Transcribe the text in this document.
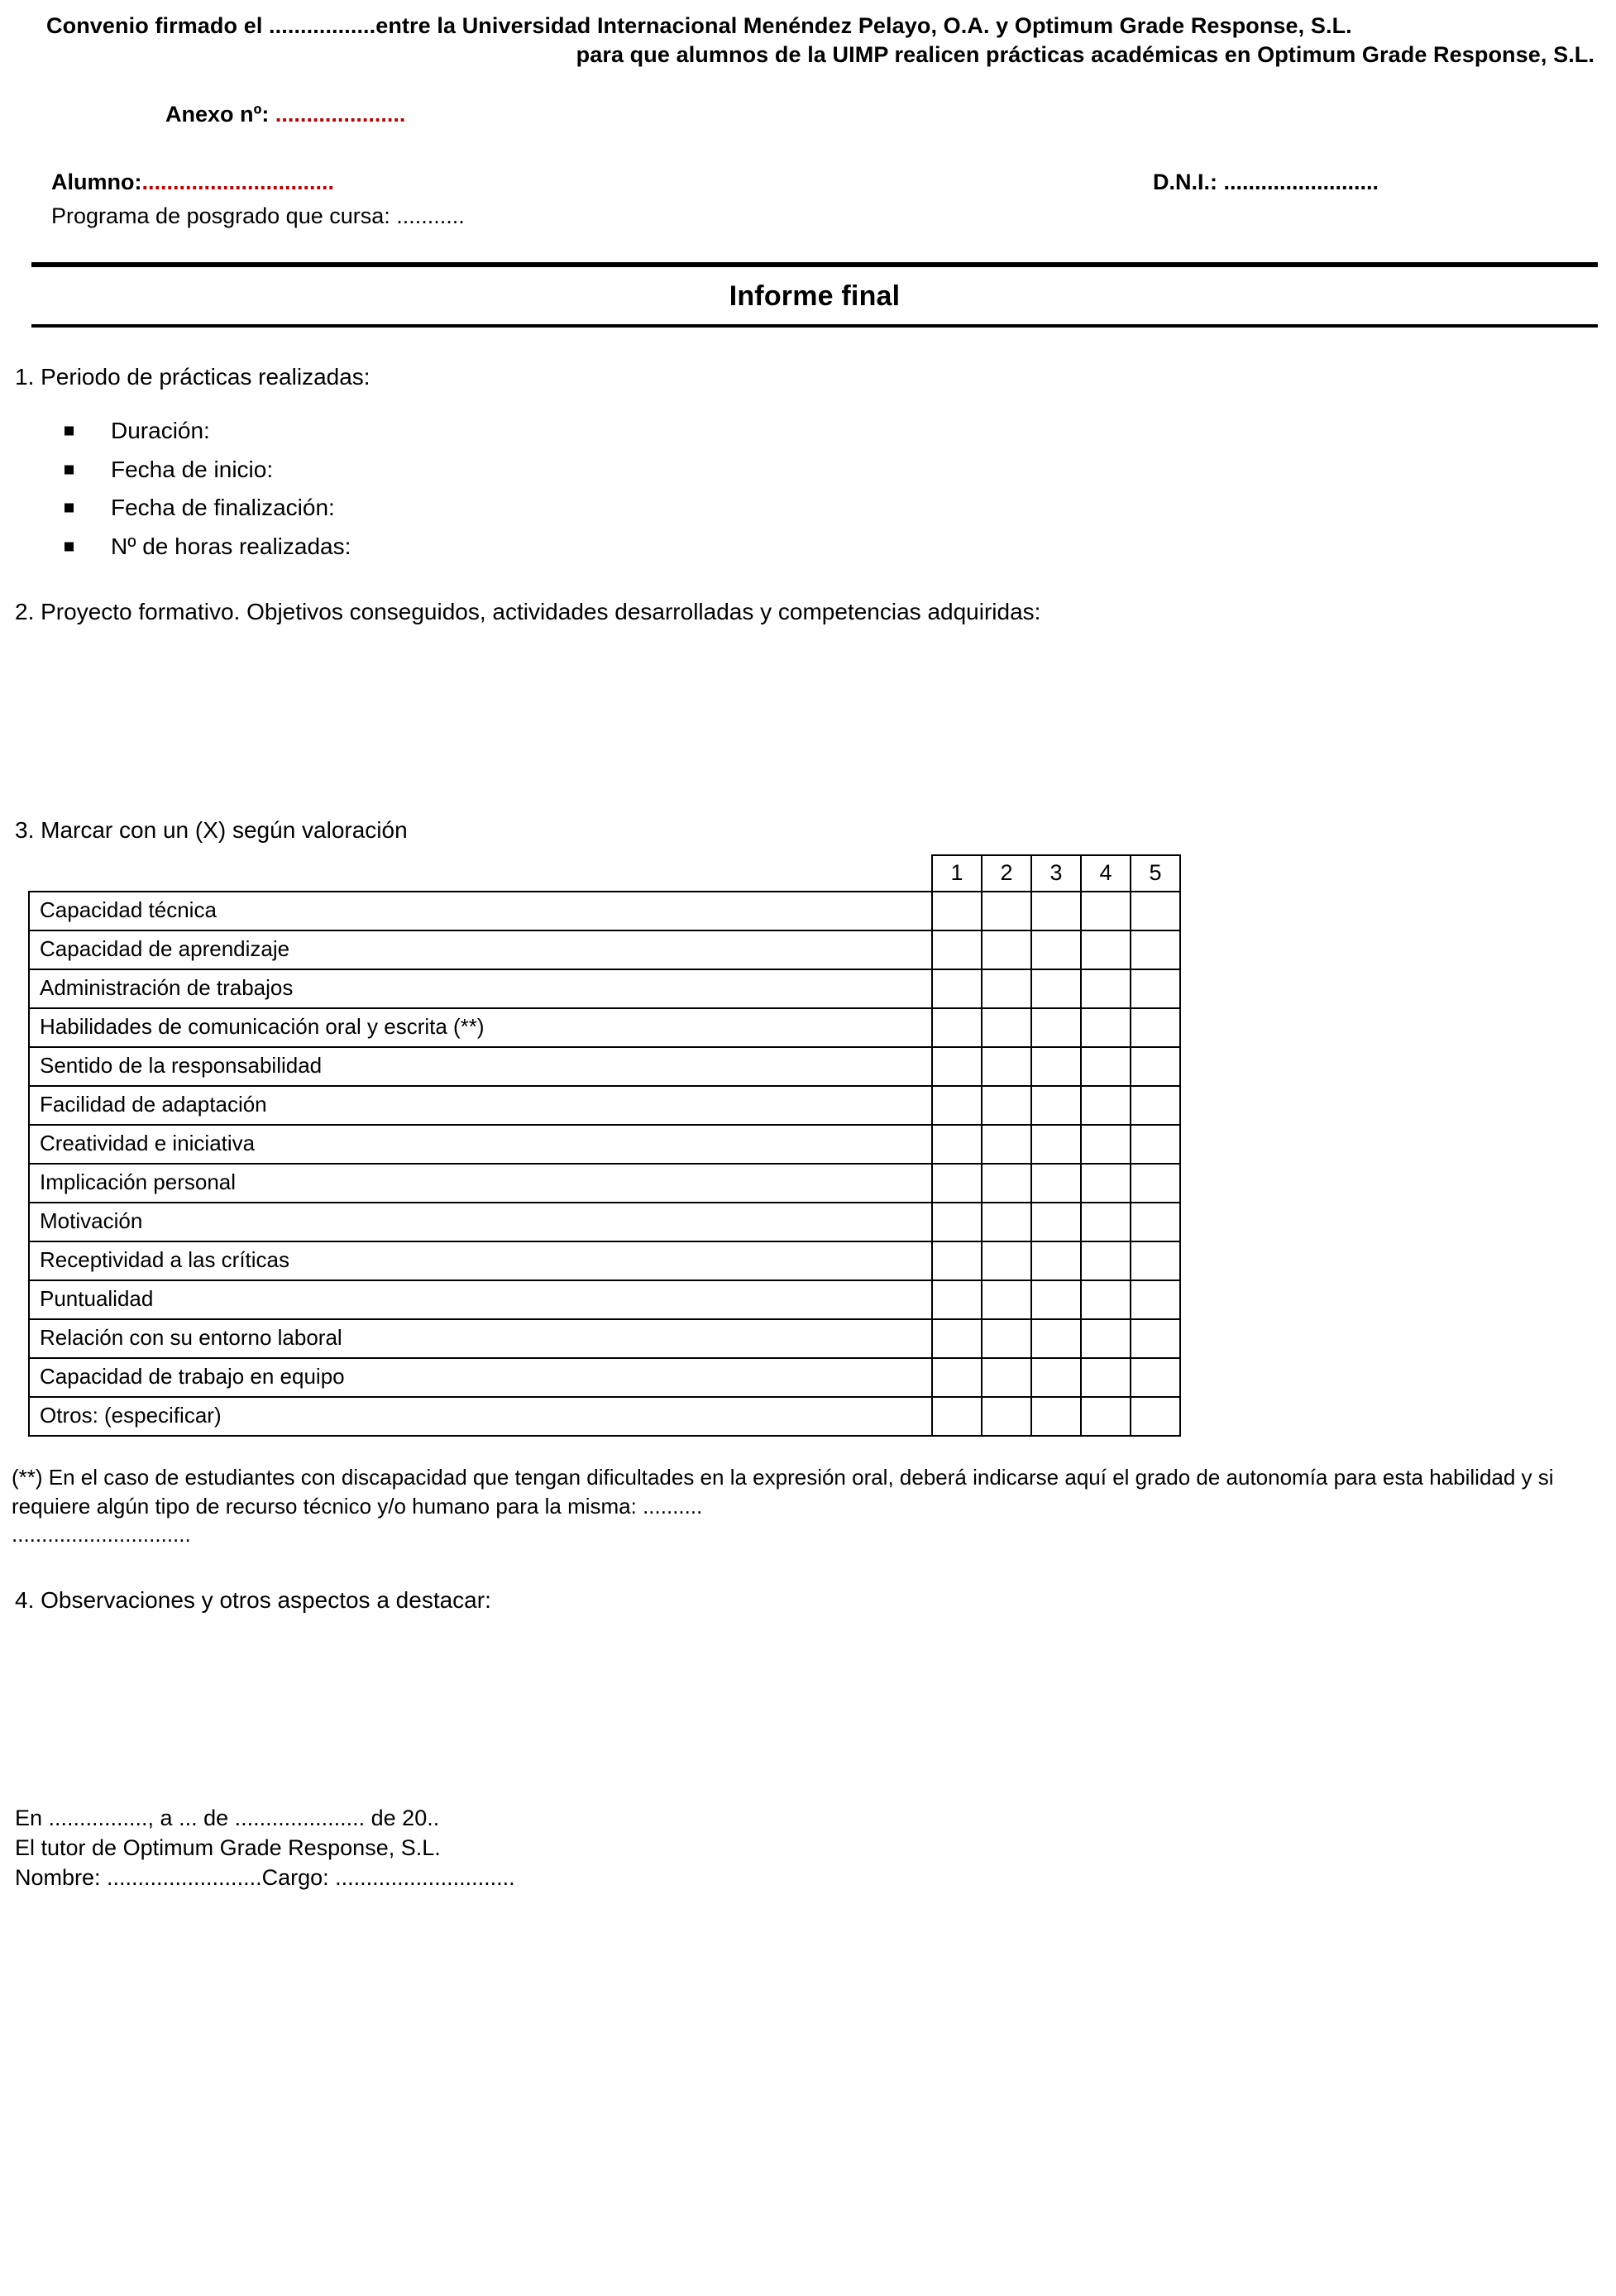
Convenio firmado el .................entre la Universidad Internacional Menéndez Pelayo, O.A. y Optimum Grade Response, S.L.
para que alumnos de la UIMP realicen prácticas académicas en Optimum Grade Response, S.L.
Anexo nº: .....................
Alumno:...............................	D.N.I.: .........................
Programa de posgrado que cursa: ...........
Informe final
1. Periodo de prácticas realizadas:
Duración:
Fecha de inicio:
Fecha de finalización:
Nº de horas realizadas:
2. Proyecto formativo. Objetivos conseguidos, actividades desarrolladas y competencias adquiridas:
3. Marcar con un (X) según valoración
	1	2	3	4	5
Capacidad técnica					
Capacidad de aprendizaje					
Administración de trabajos					
Habilidades de comunicación oral y escrita (**)					
Sentido de la responsabilidad					
Facilidad de adaptación					
Creatividad e iniciativa					
Implicación personal					
Motivación					
Receptividad a las críticas					
Puntualidad					
Relación con su entorno laboral					
Capacidad de trabajo en equipo					
Otros: (especificar)					
(**) En el caso de estudiantes con discapacidad que tengan dificultades en la expresión oral, deberá indicarse aquí el grado de autonomía para esta habilidad y si requiere algún tipo de recurso técnico y/o humano para la misma: ..........
..............................
4. Observaciones y otros aspectos a destacar:
En ................, a ... de ..................... de 20..
El tutor de Optimum Grade Response, S.L.
Nombre: .........................Cargo: .............................
